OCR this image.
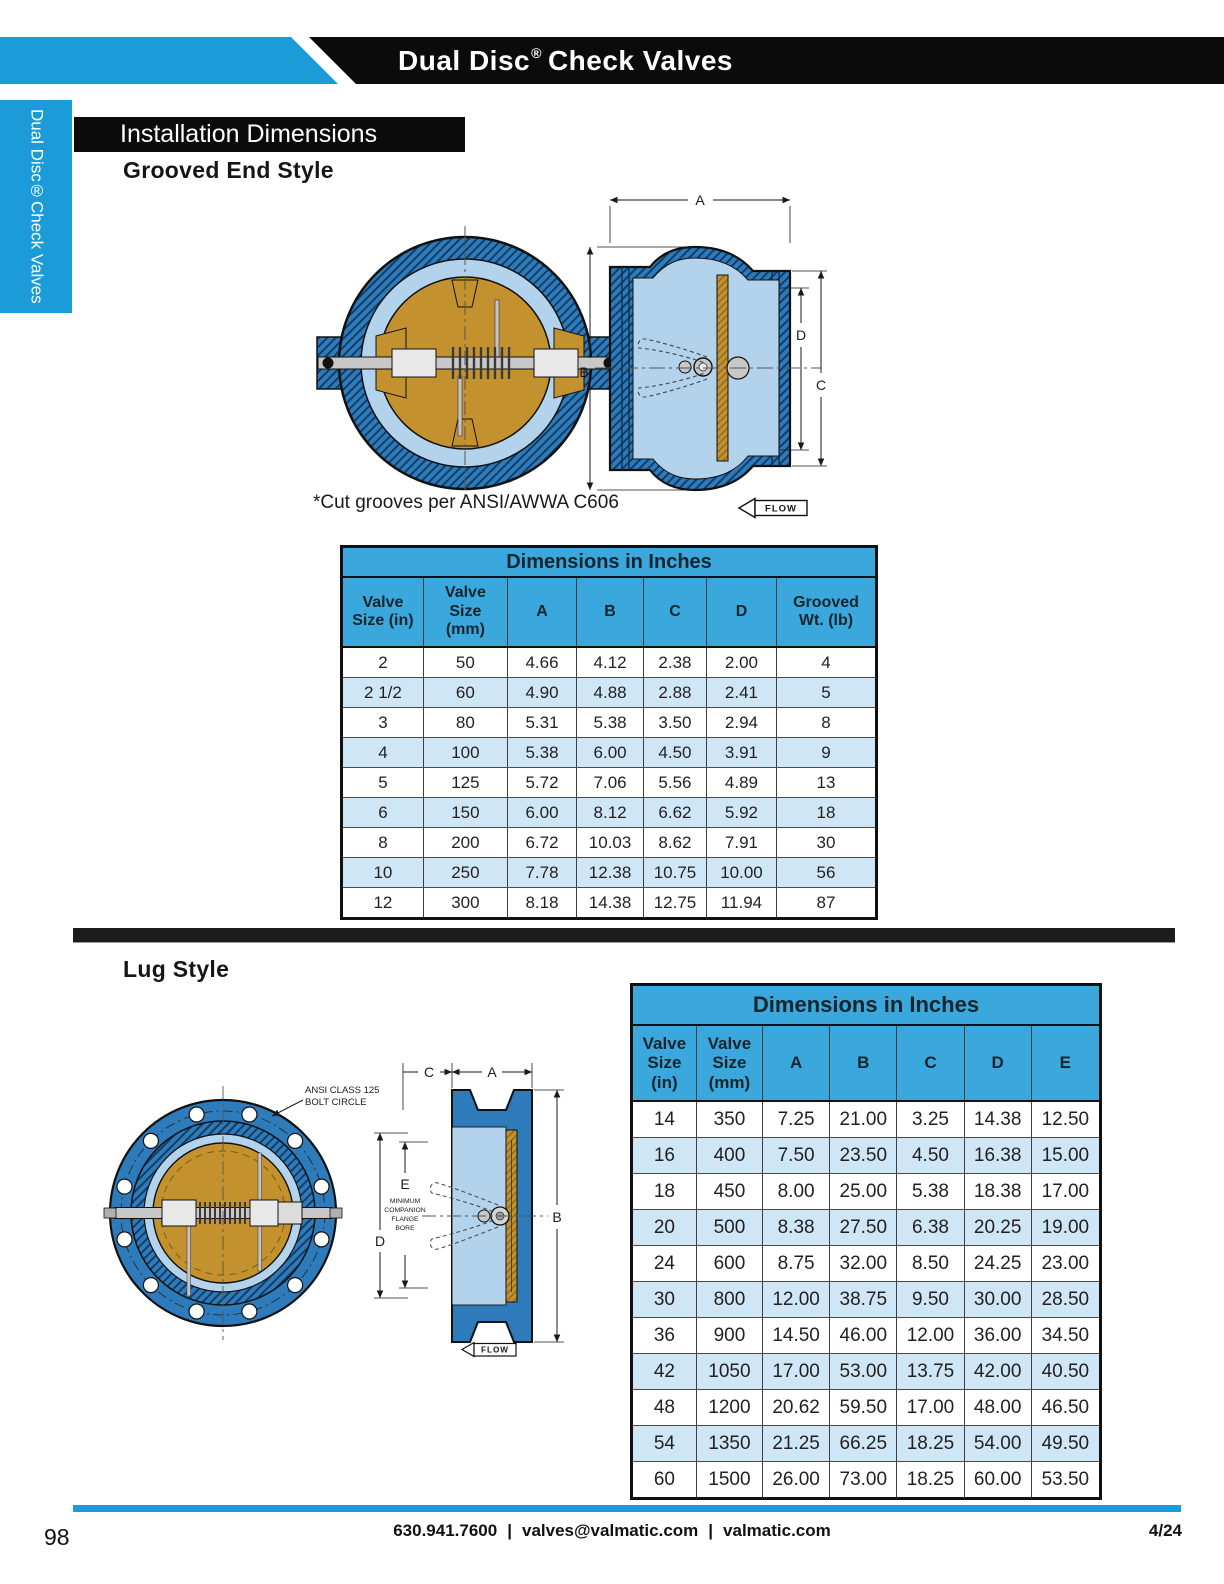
Dual Disc ® Check Valves
Dual Disc®
Check Valves
Installation Dimensions
Grooved End Style
A
B
D
C
FLOW
*Cut grooves per ANSI/AWWA C606
Dimensions in Inches
Valve Size (in)
Valve Size (mm)
A	B	C	D
Grooved Wt. (lb)
2	50	4.66	4.12	2.38	2.00	4
2 1/2	60	4.90	4.88	2.88	2.41	5
3	80	5.31	5.38	3.50	2.94	8
4	100	5.38	6.00	4.50	3.91	9
5	125	5.72	7.06	5.56	4.89	13
6	150	6.00	8.12	6.62	5.92	18
8	200	6.72	10.03	8.62	7.91	30
10	250	7.78	12.38	10.75	10.00	56
12	300	8.18	14.38	12.75	11.94	87
Lug Style
ANSI CLASS 125
BOLT CIRCLE
C	A
B
D
E
MINIMUM
COMPANION
FLANGE
BORE
FLOW
Dimensions in Inches
Valve Size (in)
Valve Size (mm)
A	B	C	D	E
14	350	7.25	21.00	3.25	14.38	12.50
16	400	7.50	23.50	4.50	16.38	15.00
18	450	8.00	25.00	5.38	18.38	17.00
20	500	8.38	27.50	6.38	20.25	19.00
24	600	8.75	32.00	8.50	24.25	23.00
30	800	12.00	38.75	9.50	30.00	28.50
36	900	14.50	46.00	12.00	36.00	34.50
42	1050	17.00	53.00	13.75	42.00	40.50
48	1200	20.62	59.50	17.00	48.00	46.50
54	1350	21.25	66.25	18.25	54.00	49.50
60	1500	26.00	73.00	18.25	60.00	53.50
98	630.941.7600 | valves@valmatic.com | valmatic.com	4/24
